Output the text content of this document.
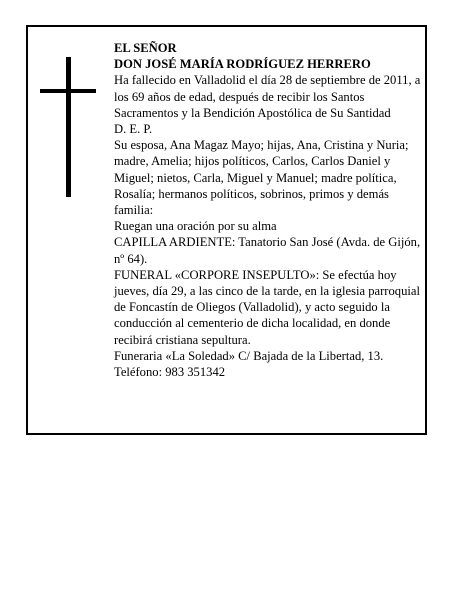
EL SEÑOR

DON JOSÉ MARÍA RODRÍGUEZ HERRERO

Ha fallecido en Valladolid el día 28 de septiembre de 2011, a los 69 años de edad, después de recibir los Santos Sacramentos y la Bendición Apostólica de Su Santidad

D. E. P.

Su esposa, Ana Magaz Mayo; hijas, Ana, Cristina y Nuria; madre, Amelia; hijos políticos, Carlos, Carlos Daniel y Miguel; nietos, Carla, Miguel y Manuel; madre política, Rosalía; hermanos políticos, sobrinos, primos y demás familia:

Ruegan una oración por su alma

CAPILLA ARDIENTE: Tanatorio San José (Avda. de Gijón, nº 64).

FUNERAL «CORPORE INSEPULTO»: Se efectúa hoy jueves, día 29, a las cinco de la tarde, en la iglesia parroquial de Foncastín de Oliegos (Valladolid), y acto seguido la conducción al cementerio de dicha localidad, en donde recibirá cristiana sepultura.

Funeraria «La Soledad» C/ Bajada de la Libertad, 13. Teléfono: 983 351342
